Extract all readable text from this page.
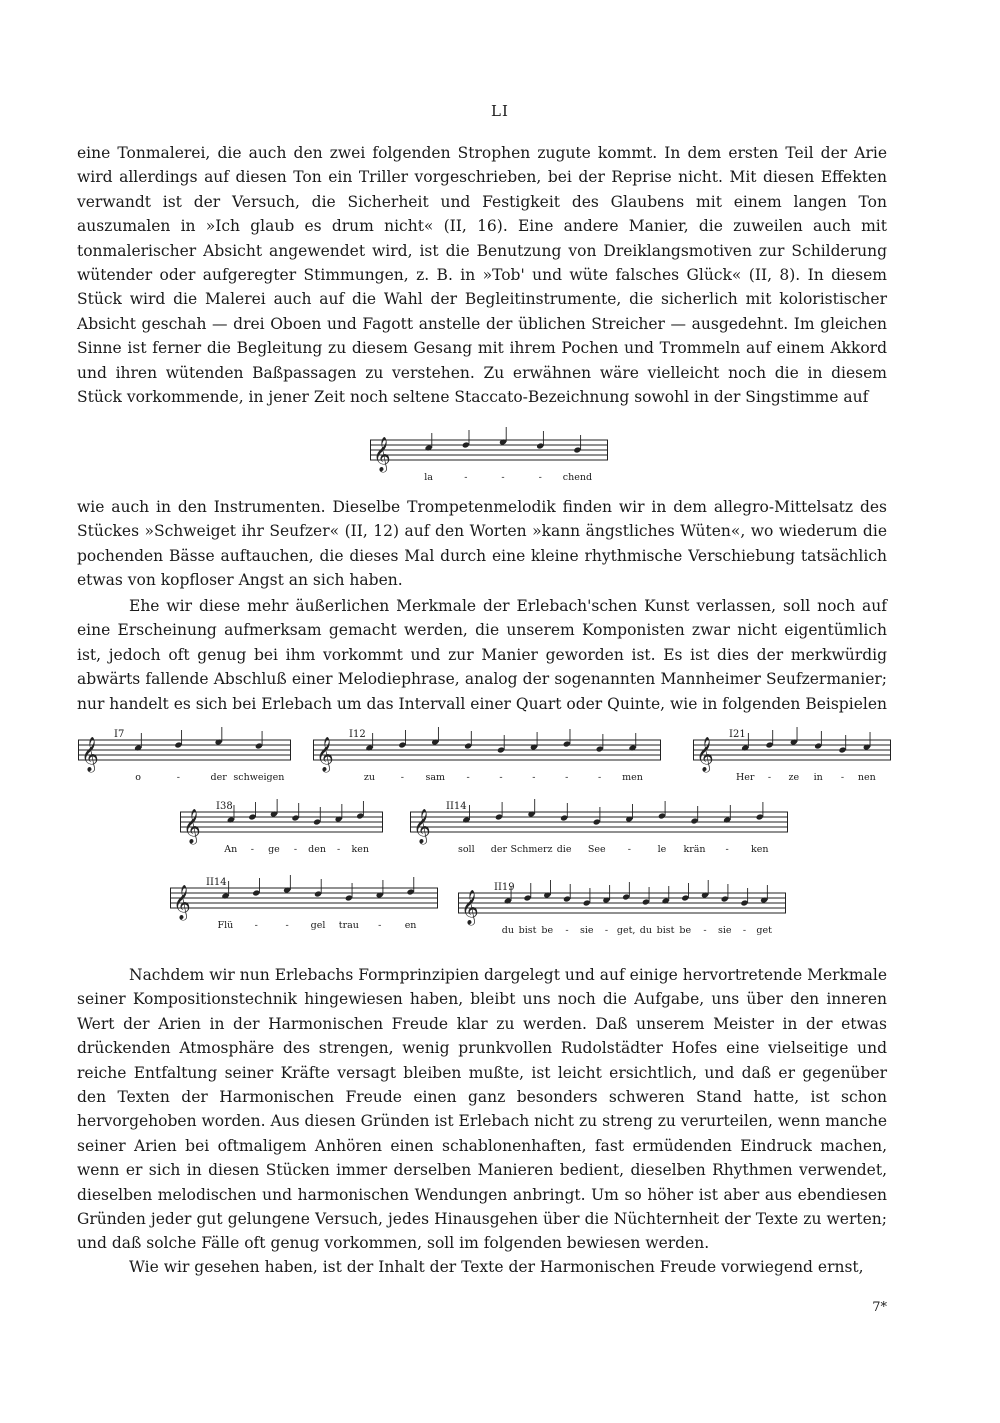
LI

eine Tonmalerei, die auch den zwei folgenden Strophen zugute kommt. In dem ersten Teil der Arie wird allerdings auf diesen Ton ein Triller vorgeschrieben, bei der Reprise nicht. Mit diesen Effekten verwandt ist der Versuch, die Sicherheit und Festigkeit des Glaubens mit einem langen Ton auszumalen in »Ich glaub es drum nicht« (II, 16). Eine andere Manier, die zuweilen auch mit tonmalerischer Absicht angewendet wird, ist die Benutzung von Dreiklangsmotiven zur Schilderung wütender oder aufgeregter Stimmungen, z. B. in »Tob' und wüte falsches Glück« (II, 8). In diesem Stück wird die Malerei auch auf die Wahl der Begleitinstrumente, die sicherlich mit koloristischer Absicht geschah — drei Oboen und Fagott anstelle der üblichen Streicher — ausgedehnt. Im gleichen Sinne ist ferner die Begleitung zu diesem Gesang mit ihrem Pochen und Trommeln auf einem Akkord und ihren wütenden Baßpassagen zu verstehen. Zu erwähnen wäre vielleicht noch die in diesem Stück vorkommende, in jener Zeit noch seltene Staccato-Bezeichnung sowohl in der Singstimme auf

𝄞
la	-	-	- chend

wie auch in den Instrumenten. Dieselbe Trompetenmelodik finden wir in dem allegro-Mittelsatz des Stückes »Schweiget ihr Seufzer« (II, 12) auf den Worten »kann ängstliches Wüten«, wo wiederum die pochenden Bässe auftauchen, die dieses Mal durch eine kleine rhythmische Verschiebung tatsächlich etwas von kopfloser Angst an sich haben.

Ehe wir diese mehr äußerlichen Merkmale der Erlebach'schen Kunst verlassen, soll noch auf eine Erscheinung aufmerksam gemacht werden, die unserem Komponisten zwar nicht eigentümlich ist, jedoch oft genug bei ihm vorkommt und zur Manier geworden ist. Es ist dies der merkwürdig abwärts fallende Abschluß einer Melodiephrase, analog der sogenannten Mannheimer Seufzermanier; nur handelt es sich bei Erlebach um das Intervall einer Quart oder Quinte, wie in folgenden Beispielen

𝄞
I7
o	-	der schweigen
𝄞
I12
zu	- sam -	-	-	-	- men
𝄞
I21
Her - ze in - nen
𝄞
I38
An - ge - den - ken
𝄞
II14
soll der Schmerz die See -	le krän - ken
𝄞
II14
Flü -	- gel trau - en
𝄞
II19
du bist be - sie - get, du bist be - sie - get

Nachdem wir nun Erlebachs Formprinzipien dargelegt und auf einige hervortretende Merkmale seiner Kompositionstechnik hingewiesen haben, bleibt uns noch die Aufgabe, uns über den inneren Wert der Arien in der Harmonischen Freude klar zu werden. Daß unserem Meister in der etwas drückenden Atmosphäre des strengen, wenig prunkvollen Rudolstädter Hofes eine vielseitige und reiche Entfaltung seiner Kräfte versagt bleiben mußte, ist leicht ersichtlich, und daß er gegenüber den Texten der Harmonischen Freude einen ganz besonders schweren Stand hatte, ist schon hervorgehoben worden. Aus diesen Gründen ist Erlebach nicht zu streng zu verurteilen, wenn manche seiner Arien bei oftmaligem Anhören einen schablonenhaften, fast ermüdenden Eindruck machen, wenn er sich in diesen Stücken immer derselben Manieren bedient, dieselben Rhythmen verwendet, dieselben melodischen und harmonischen Wendungen anbringt. Um so höher ist aber aus ebendiesen Gründen jeder gut gelungene Versuch, jedes Hinausgehen über die Nüchternheit der Texte zu werten; und daß solche Fälle oft genug vorkommen, soll im folgenden bewiesen werden.

Wie wir gesehen haben, ist der Inhalt der Texte der Harmonischen Freude vorwiegend ernst,

7*
